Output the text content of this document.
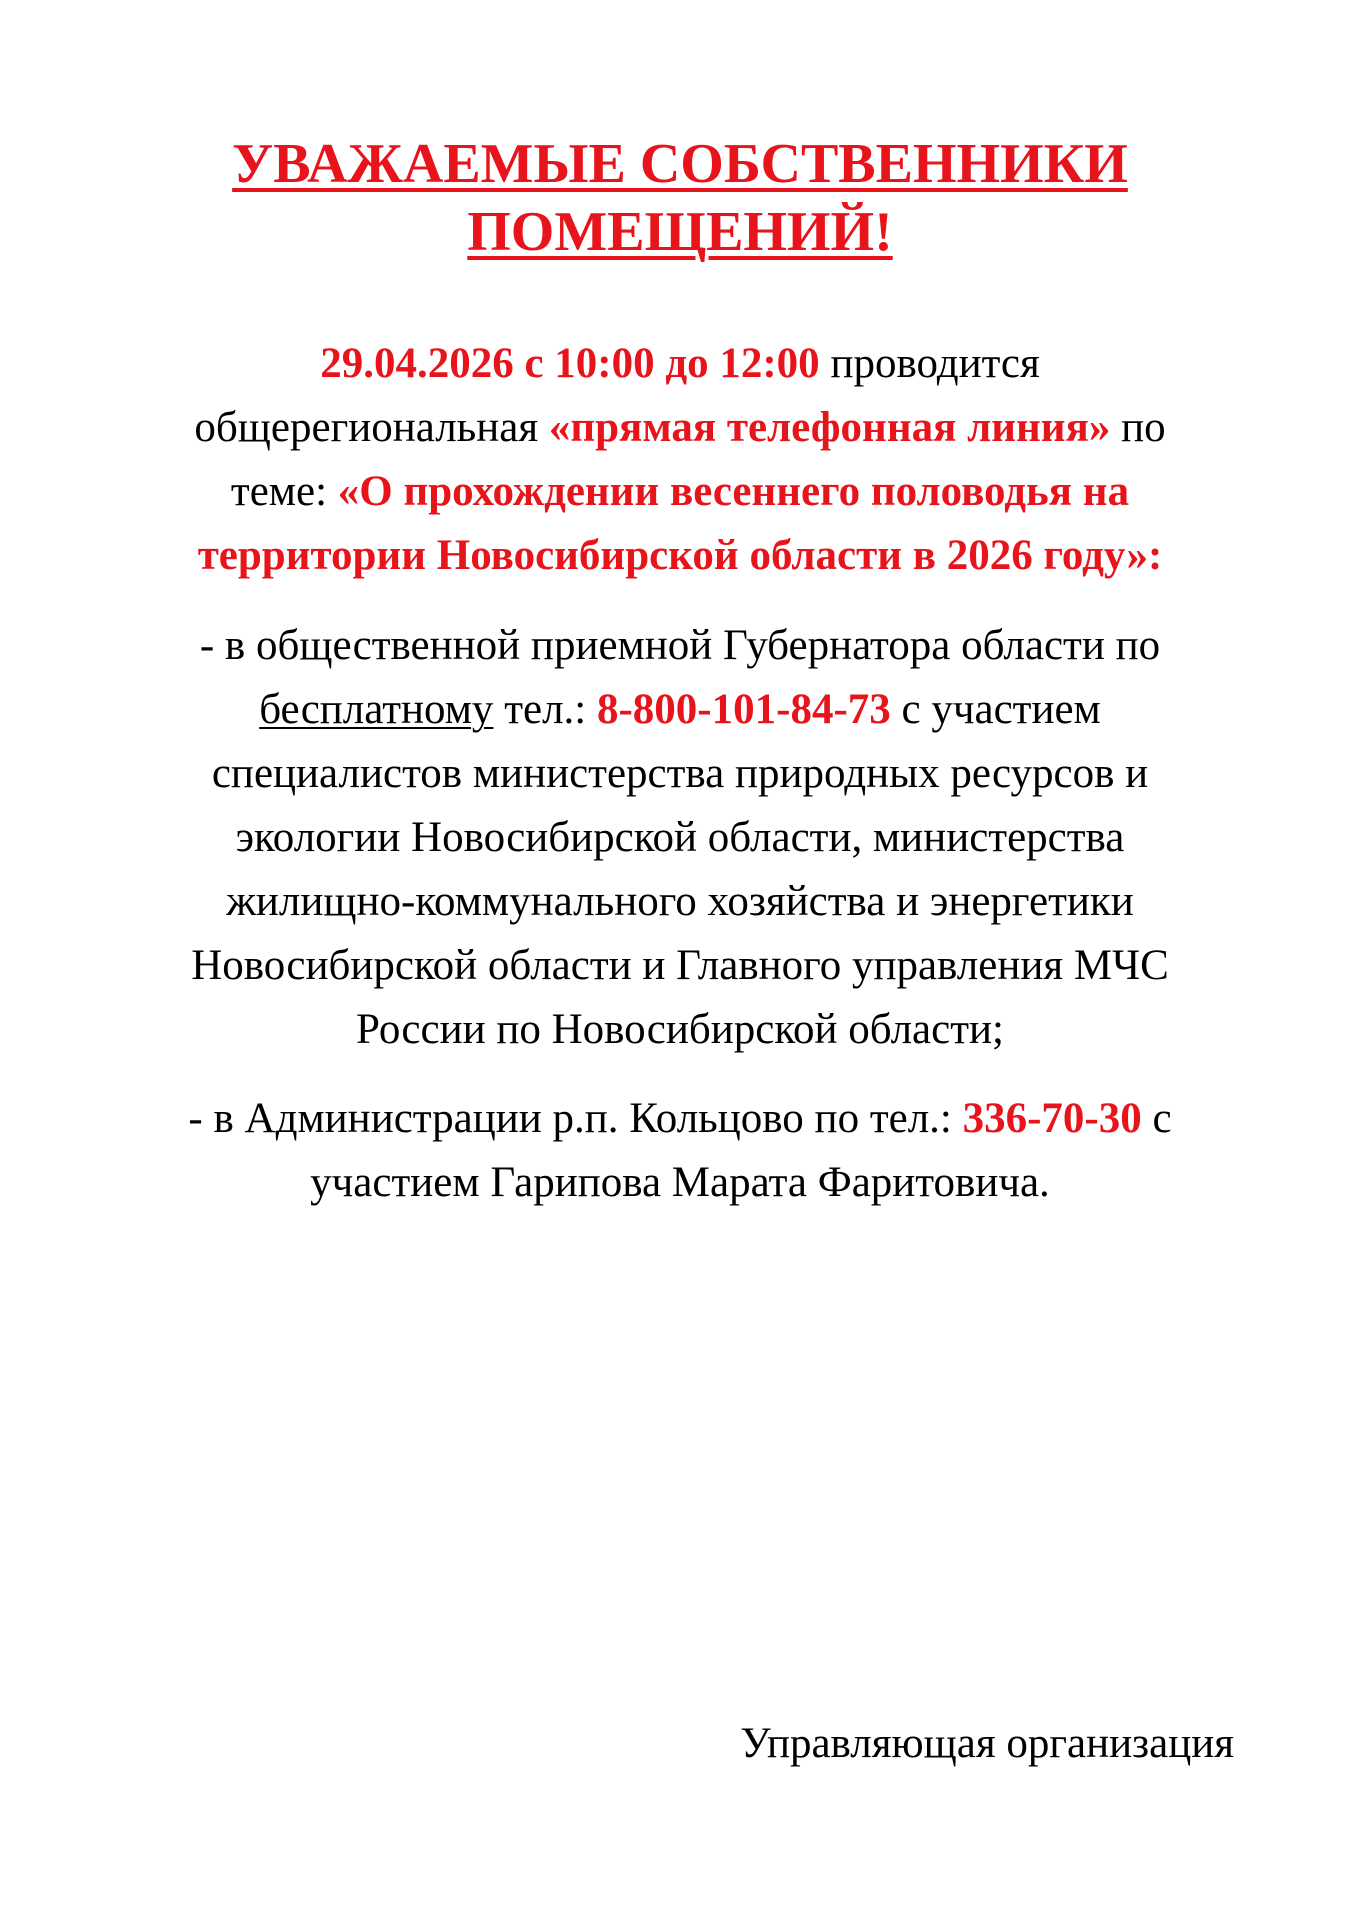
УВАЖАЕМЫЕ СОБСТВЕННИКИ
ПОМЕЩЕНИЙ!

29.04.2026 с 10:00 до 12:00 проводится
общерегиональная «прямая телефонная линия» по
теме: «О прохождении весеннего половодья на
территории Новосибирской области в 2026 году»:

- в общественной приемной Губернатора области по
бесплатному тел.: 8-800-101-84-73 с участием
специалистов министерства природных ресурсов и
экологии Новосибирской области, министерства
жилищно-коммунального хозяйства и энергетики
Новосибирской области и Главного управления МЧС
России по Новосибирской области;

- в Администрации р.п. Кольцово по тел.: 336-70-30 с
участием Гарипова Марата Фаритовича.

Управляющая организация
